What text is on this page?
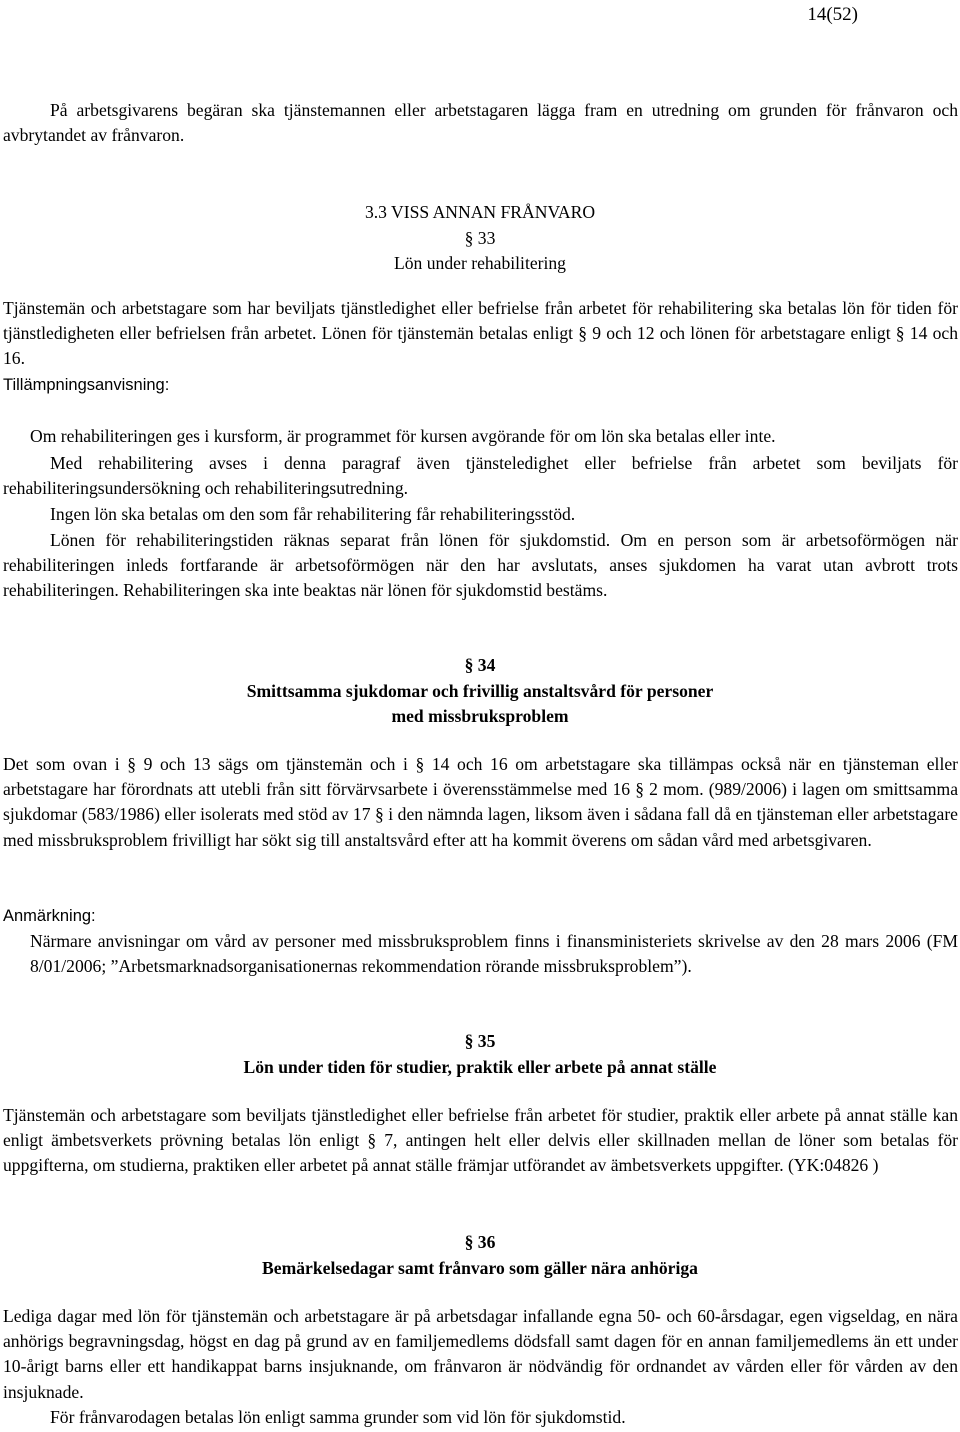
14(52)

På arbetsgivarens begäran ska tjänstemannen eller arbetstagaren lägga fram en utredning om grunden för frånvaron och avbrytandet av frånvaron.

3.3 VISS ANNAN FRÅNVARO

§ 33

Lön under rehabilitering

Tjänstemän och arbetstagare som har beviljats tjänstledighet eller befrielse från arbetet för rehabilitering ska betalas lön för tiden för tjänstledigheten eller befrielsen från arbetet. Lönen för tjänstemän betalas enligt § 9 och 12 och lönen för arbetstagare enligt § 14 och 16.

Tillämpningsanvisning:

Om rehabiliteringen ges i kursform, är programmet för kursen avgörande för om lön ska betalas eller inte.

Med rehabilitering avses i denna paragraf även tjänsteledighet eller befrielse från arbetet som beviljats för rehabiliteringsundersökning och rehabiliteringsutredning.

Ingen lön ska betalas om den som får rehabilitering får rehabiliteringsstöd.

Lönen för rehabiliteringstiden räknas separat från lönen för sjukdomstid. Om en person som är arbetsoförmögen när rehabiliteringen inleds fortfarande är arbetsoförmögen när den har avslutats, anses sjukdomen ha varat utan avbrott trots rehabiliteringen. Rehabiliteringen ska inte beaktas när lönen för sjukdomstid bestäms.

§ 34

Smittsamma sjukdomar och frivillig anstaltsvård för personer

med missbruksproblem

Det som ovan i § 9 och 13 sägs om tjänstemän och i § 14 och 16 om arbetstagare ska tillämpas också när en tjänsteman eller arbetstagare har förordnats att utebli från sitt förvärvsarbete i överensstämmelse med 16 § 2 mom. (989/2006) i lagen om smittsamma sjukdomar (583/1986) eller isolerats med stöd av 17 § i den nämnda lagen, liksom även i sådana fall då en tjänsteman eller arbetstagare med missbruksproblem frivilligt har sökt sig till anstaltsvård efter att ha kommit överens om sådan vård med arbetsgivaren.

Anmärkning:

Närmare anvisningar om vård av personer med missbruksproblem finns i finansministeriets skrivelse av den 28 mars 2006 (FM 8/01/2006; ”Arbetsmarknadsorganisationernas rekommendation rörande missbruksproblem”).

§ 35

Lön under tiden för studier, praktik eller arbete på annat ställe

Tjänstemän och arbetstagare som beviljats tjänstledighet eller befrielse från arbetet för studier, praktik eller arbete på annat ställe kan enligt ämbetsverkets prövning betalas lön enligt § 7, antingen helt eller delvis eller skillnaden mellan de löner som betalas för uppgifterna, om studierna, praktiken eller arbetet på annat ställe främjar utförandet av ämbetsverkets uppgifter. (YK:04826 )

§ 36

Bemärkelsedagar samt frånvaro som gäller nära anhöriga

Lediga dagar med lön för tjänstemän och arbetstagare är på arbetsdagar infallande egna 50- och 60-årsdagar, egen vigseldag, en nära anhörigs begravningsdag, högst en dag på grund av en familjemedlems dödsfall samt dagen för en annan familjemedlems än ett under 10-årigt barns eller ett handikappat barns insjuknande, om frånvaron är nödvändig för ordnandet av vården eller för vården av den insjuknade.

För frånvarodagen betalas lön enligt samma grunder som vid lön för sjukdomstid.
